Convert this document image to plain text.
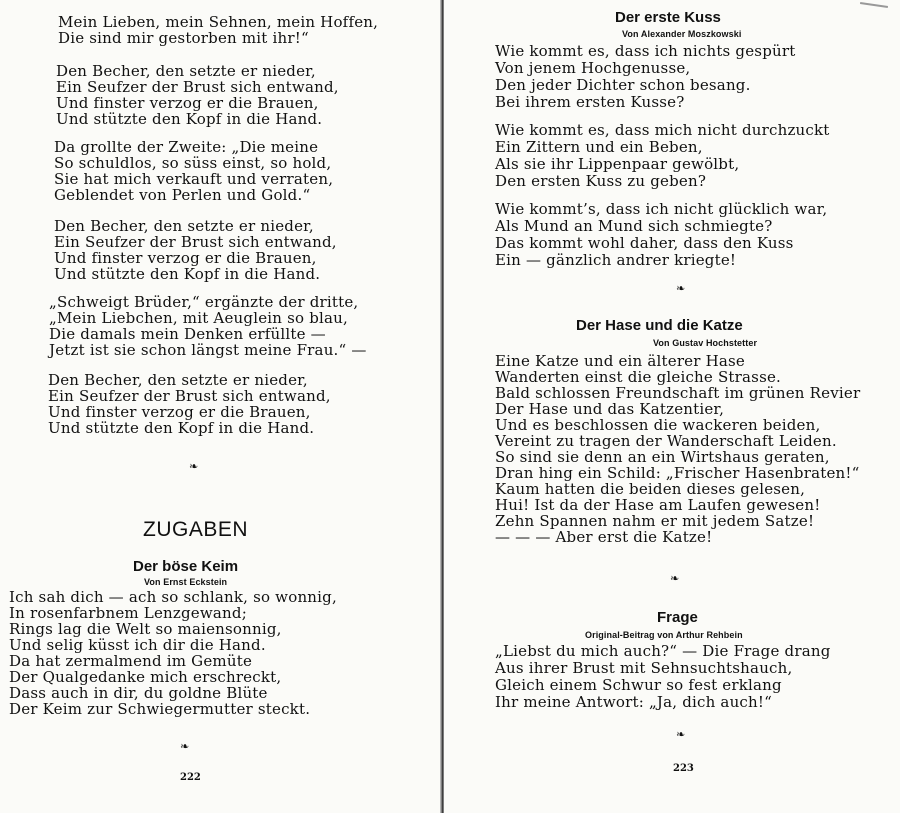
Mein Lieben, mein Sehnen, mein Hoffen,
Die sind mir gestorben mit ihr!“
Den Becher, den setzte er nieder,
Ein Seufzer der Brust sich entwand,
Und finster verzog er die Brauen,
Und stützte den Kopf in die Hand.
Da grollte der Zweite: „Die meine
So schuldlos, so süss einst, so hold,
Sie hat mich verkauft und verraten,
Geblendet von Perlen und Gold.“
Den Becher, den setzte er nieder,
Ein Seufzer der Brust sich entwand,
Und finster verzog er die Brauen,
Und stützte den Kopf in die Hand.
„Schweigt Brüder,“ ergänzte der dritte,
„Mein Liebchen, mit Aeuglein so blau,
Die damals mein Denken erfüllte —
Jetzt ist sie schon längst meine Frau.“ —
Den Becher, den setzte er nieder,
Ein Seufzer der Brust sich entwand,
Und finster verzog er die Brauen,
Und stützte den Kopf in die Hand.
❧
ZUGABEN
Der böse Keim
Von Ernst Eckstein
Ich sah dich — ach so schlank, so wonnig,
In rosenfarbnem Lenzgewand;
Rings lag die Welt so maiensonnig,
Und selig küsst ich dir die Hand.
Da hat zermalmend im Gemüte
Der Qualgedanke mich erschreckt,
Dass auch in dir, du goldne Blüte
Der Keim zur Schwiegermutter steckt.
❧
222
Der erste Kuss
Von Alexander Moszkowski
Wie kommt es, dass ich nichts gespürt
Von jenem Hochgenusse,
Den jeder Dichter schon besang.
Bei ihrem ersten Kusse?
Wie kommt es, dass mich nicht durchzuckt
Ein Zittern und ein Beben,
Als sie ihr Lippenpaar gewölbt,
Den ersten Kuss zu geben?
Wie kommt’s, dass ich nicht glücklich war,
Als Mund an Mund sich schmiegte?
Das kommt wohl daher, dass den Kuss
Ein — gänzlich andrer kriegte!
❧
Der Hase und die Katze
Von Gustav Hochstetter
Eine Katze und ein älterer Hase
Wanderten einst die gleiche Strasse.
Bald schlossen Freundschaft im grünen Revier
Der Hase und das Katzentier,
Und es beschlossen die wackeren beiden,
Vereint zu tragen der Wanderschaft Leiden.
So sind sie denn an ein Wirtshaus geraten,
Dran hing ein Schild: „Frischer Hasenbraten!“
Kaum hatten die beiden dieses gelesen,
Hui! Ist da der Hase am Laufen gewesen!
Zehn Spannen nahm er mit jedem Satze!
— — — Aber erst die Katze!
❧
Frage
Original-Beitrag von Arthur Rehbein
„Liebst du mich auch?“ — Die Frage drang
Aus ihrer Brust mit Sehnsuchtshauch,
Gleich einem Schwur so fest erklang
Ihr meine Antwort: „Ja, dich auch!“
❧
223
